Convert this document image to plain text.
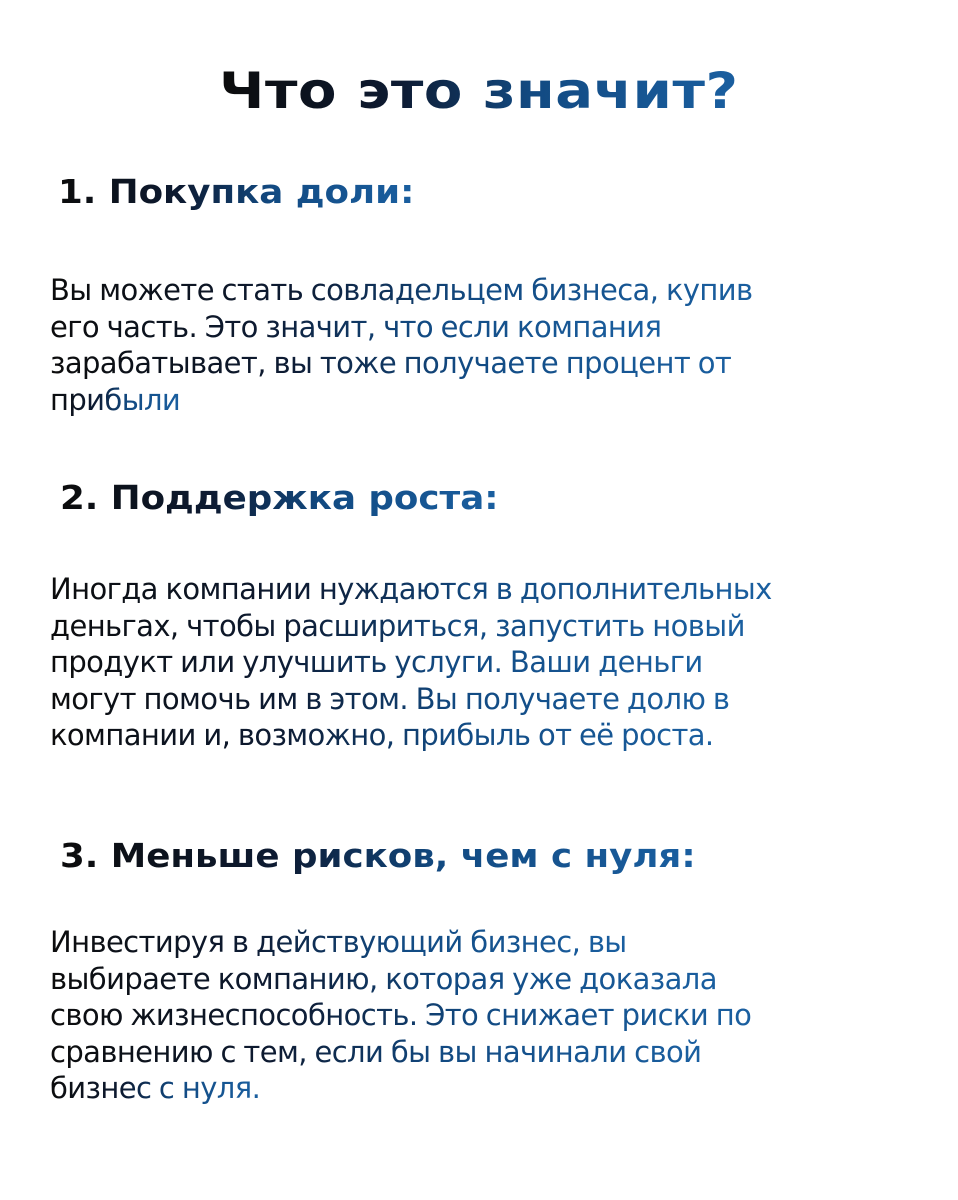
Что это значит?
1. Покупка доли:
Вы можете стать совладельцем бизнеса, купив
его часть. Это значит, что если компания
зарабатывает, вы тоже получаете процент от
прибыли
2. Поддержка роста:
Иногда компании нуждаются в дополнительных
деньгах, чтобы расшириться, запустить новый
продукт или улучшить услуги. Ваши деньги
могут помочь им в этом. Вы получаете долю в
компании и, возможно, прибыль от её роста.
3. Меньше рисков, чем с нуля:
Инвестируя в действующий бизнес, вы
выбираете компанию, которая уже доказала
свою жизнеспособность. Это снижает риски по
сравнению с тем, если бы вы начинали свой
бизнес с нуля.
